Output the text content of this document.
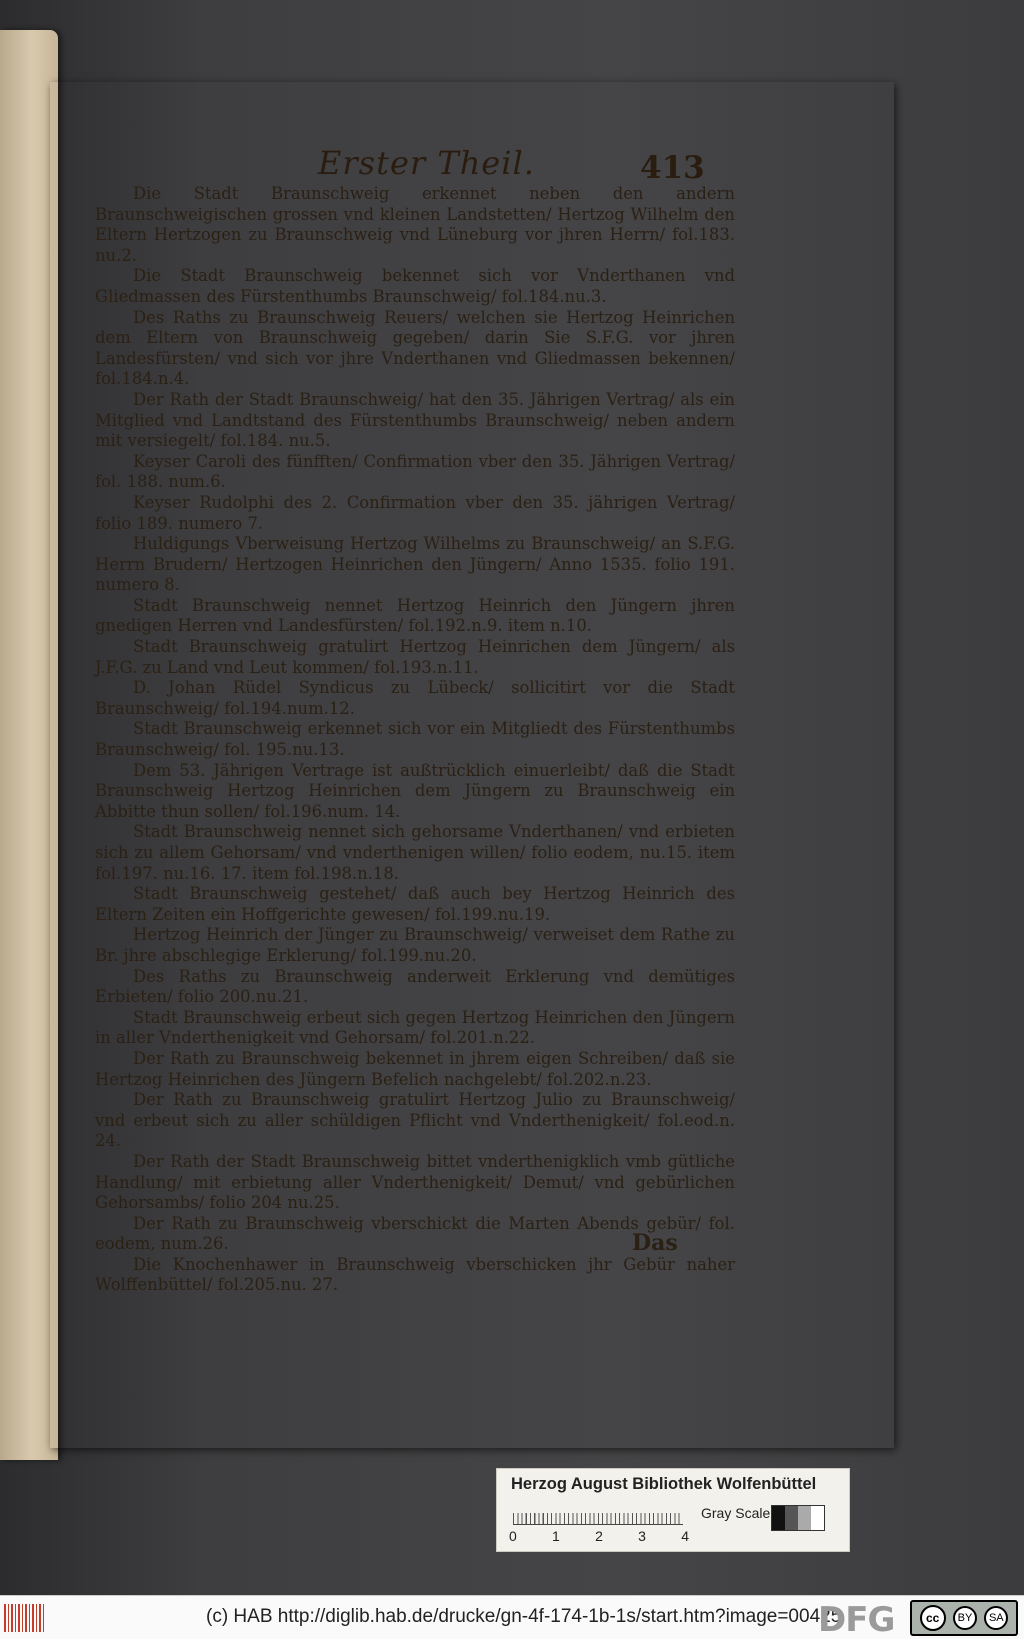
Erster Theil.	413

Die Stadt Braunschweig erkennet neben den andern Braunschweigischen grossen vnd kleinen Landstetten/ Hertzog Wilhelm den Eltern Hertzogen zu Braunschweig vnd Lüneburg vor jhren Herrn/ fol.183. nu.2.

Die Stadt Braunschweig bekennet sich vor Vnderthanen vnd Gliedmassen des Fürstenthumbs Braunschweig/ fol.184.nu.3.

Des Raths zu Braunschweig Reuers/ welchen sie Hertzog Heinrichen dem Eltern von Braunschweig gegeben/ darin Sie S.F.G. vor jhren Landesfürsten/ vnd sich vor jhre Vnderthanen vnd Gliedmassen bekennen/ fol.184.n.4.

Der Rath der Stadt Braunschweig/ hat den 35. Jährigen Vertrag/ als ein Mitglied vnd Landtstand des Fürstenthumbs Braunschweig/ neben andern mit versiegelt/ fol.184. nu.5.

Keyser Caroli des fünfften/ Confirmation vber den 35. Jährigen Vertrag/ fol. 188. num.6.

Keyser Rudolphi des 2. Confirmation vber den 35. jährigen Vertrag/ folio 189. numero 7.

Huldigungs Vberweisung Hertzog Wilhelms zu Braunschweig/ an S.F.G. Herrn Brudern/ Hertzogen Heinrichen den Jüngern/ Anno 1535. folio 191. numero 8.

Stadt Braunschweig nennet Hertzog Heinrich den Jüngern jhren gnedigen Herren vnd Landesfürsten/ fol.192.n.9. item n.10.

Stadt Braunschweig gratulirt Hertzog Heinrichen dem Jüngern/ als J.F.G. zu Land vnd Leut kommen/ fol.193.n.11.

D. Johan Rüdel Syndicus zu Lübeck/ sollicitirt vor die Stadt Braunschweig/ fol.194.num.12.

Stadt Braunschweig erkennet sich vor ein Mitgliedt des Fürstenthumbs Braunschweig/ fol. 195.nu.13.

Dem 53. Jährigen Vertrage ist außtrücklich einuerleibt/ daß die Stadt Braunschweig Hertzog Heinrichen dem Jüngern zu Braunschweig ein Abbitte thun sollen/ fol.196.num. 14.

Stadt Braunschweig nennet sich gehorsame Vnderthanen/ vnd erbieten sich zu allem Gehorsam/ vnd vnderthenigen willen/ folio eodem, nu.15. item fol.197. nu.16. 17. item fol.198.n.18.

Stadt Braunschweig gestehet/ daß auch bey Hertzog Heinrich des Eltern Zeiten ein Hoffgerichte gewesen/ fol.199.nu.19.

Hertzog Heinrich der Jünger zu Braunschweig/ verweiset dem Rathe zu Br. jhre abschlegige Erklerung/ fol.199.nu.20.

Des Raths zu Braunschweig anderweit Erklerung vnd demütiges Erbieten/ folio 200.nu.21.

Stadt Braunschweig erbeut sich gegen Hertzog Heinrichen den Jüngern in aller Vnderthenigkeit vnd Gehorsam/ fol.201.n.22.

Der Rath zu Braunschweig bekennet in jhrem eigen Schreiben/ daß sie Hertzog Heinrichen des Jüngern Befelich nachgelebt/ fol.202.n.23.

Der Rath zu Braunschweig gratulirt Hertzog Julio zu Braunschweig/ vnd erbeut sich zu aller schüldigen Pflicht vnd Vnderthenigkeit/ fol.eod.n. 24.

Der Rath der Stadt Braunschweig bittet vnderthenigklich vmb gütliche Handlung/ mit erbietung aller Vnderthenigkeit/ Demut/ vnd gebürlichen Gehorsambs/ folio 204 nu.25.

Der Rath zu Braunschweig vberschickt die Marten Abends gebür/ fol. eodem, num.26.

Die Knochenhawer in Braunschweig vberschicken jhr Gebür naher Wolffenbüttel/ fol.205.nu. 27.

Das
Herzog August Bibliothek Wolfenbüttel
0	1	2	3	4
Gray Scale
(c) HAB http://diglib.hab.de/drucke/gn-4f-174-1b-1s/start.htm?image=00425
DFG	cc	BY	SA
